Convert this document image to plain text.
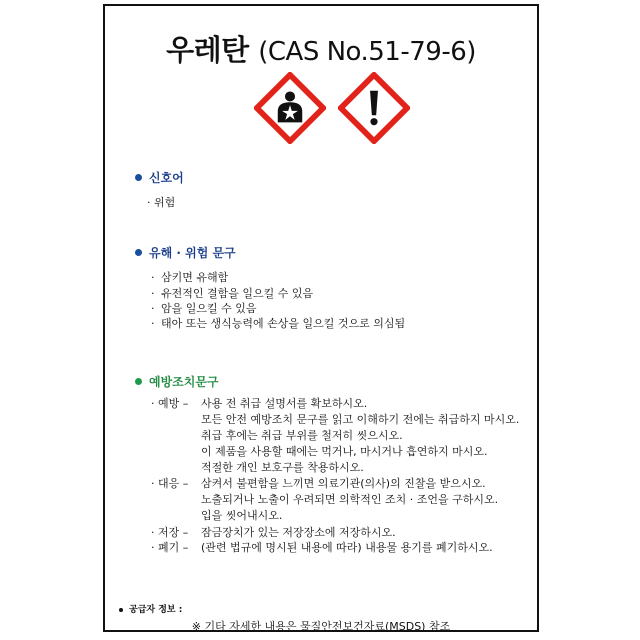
우레탄 (CAS No.51-79-6)
신호어
· 위험
유해 · 위험 문구
· 삼키면 유해함
· 유전적인 결함을 일으킬 수 있음
· 암을 일으킬 수 있음
· 태아 또는 생식능력에 손상을 일으킬 것으로 의심됨
예방조치문구
· 예방 – 사용 전 취급 설명서를 확보하시오.
모든 안전 예방조치 문구를 읽고 이해하기 전에는 취급하지 마시오.
취급 후에는 취급 부위를 철저히 씻으시오.
이 제품을 사용할 때에는 먹거나, 마시거나 흡연하지 마시오.
적절한 개인 보호구를 착용하시오.
· 대응 – 삼켜서 불편함을 느끼면 의료기관(의사)의 진찰을 받으시오.
노출되거나 노출이 우려되면 의학적인 조치 · 조언을 구하시오.
입을 씻어내시오.
· 저장 – 잠금장치가 있는 저장장소에 저장하시오.
· 폐기 – (관련 법규에 명시된 내용에 따라) 내용물 용기를 폐기하시오.
공급자 정보 :
※ 기타 자세한 내용은 물질안전보건자료(MSDS) 참조
